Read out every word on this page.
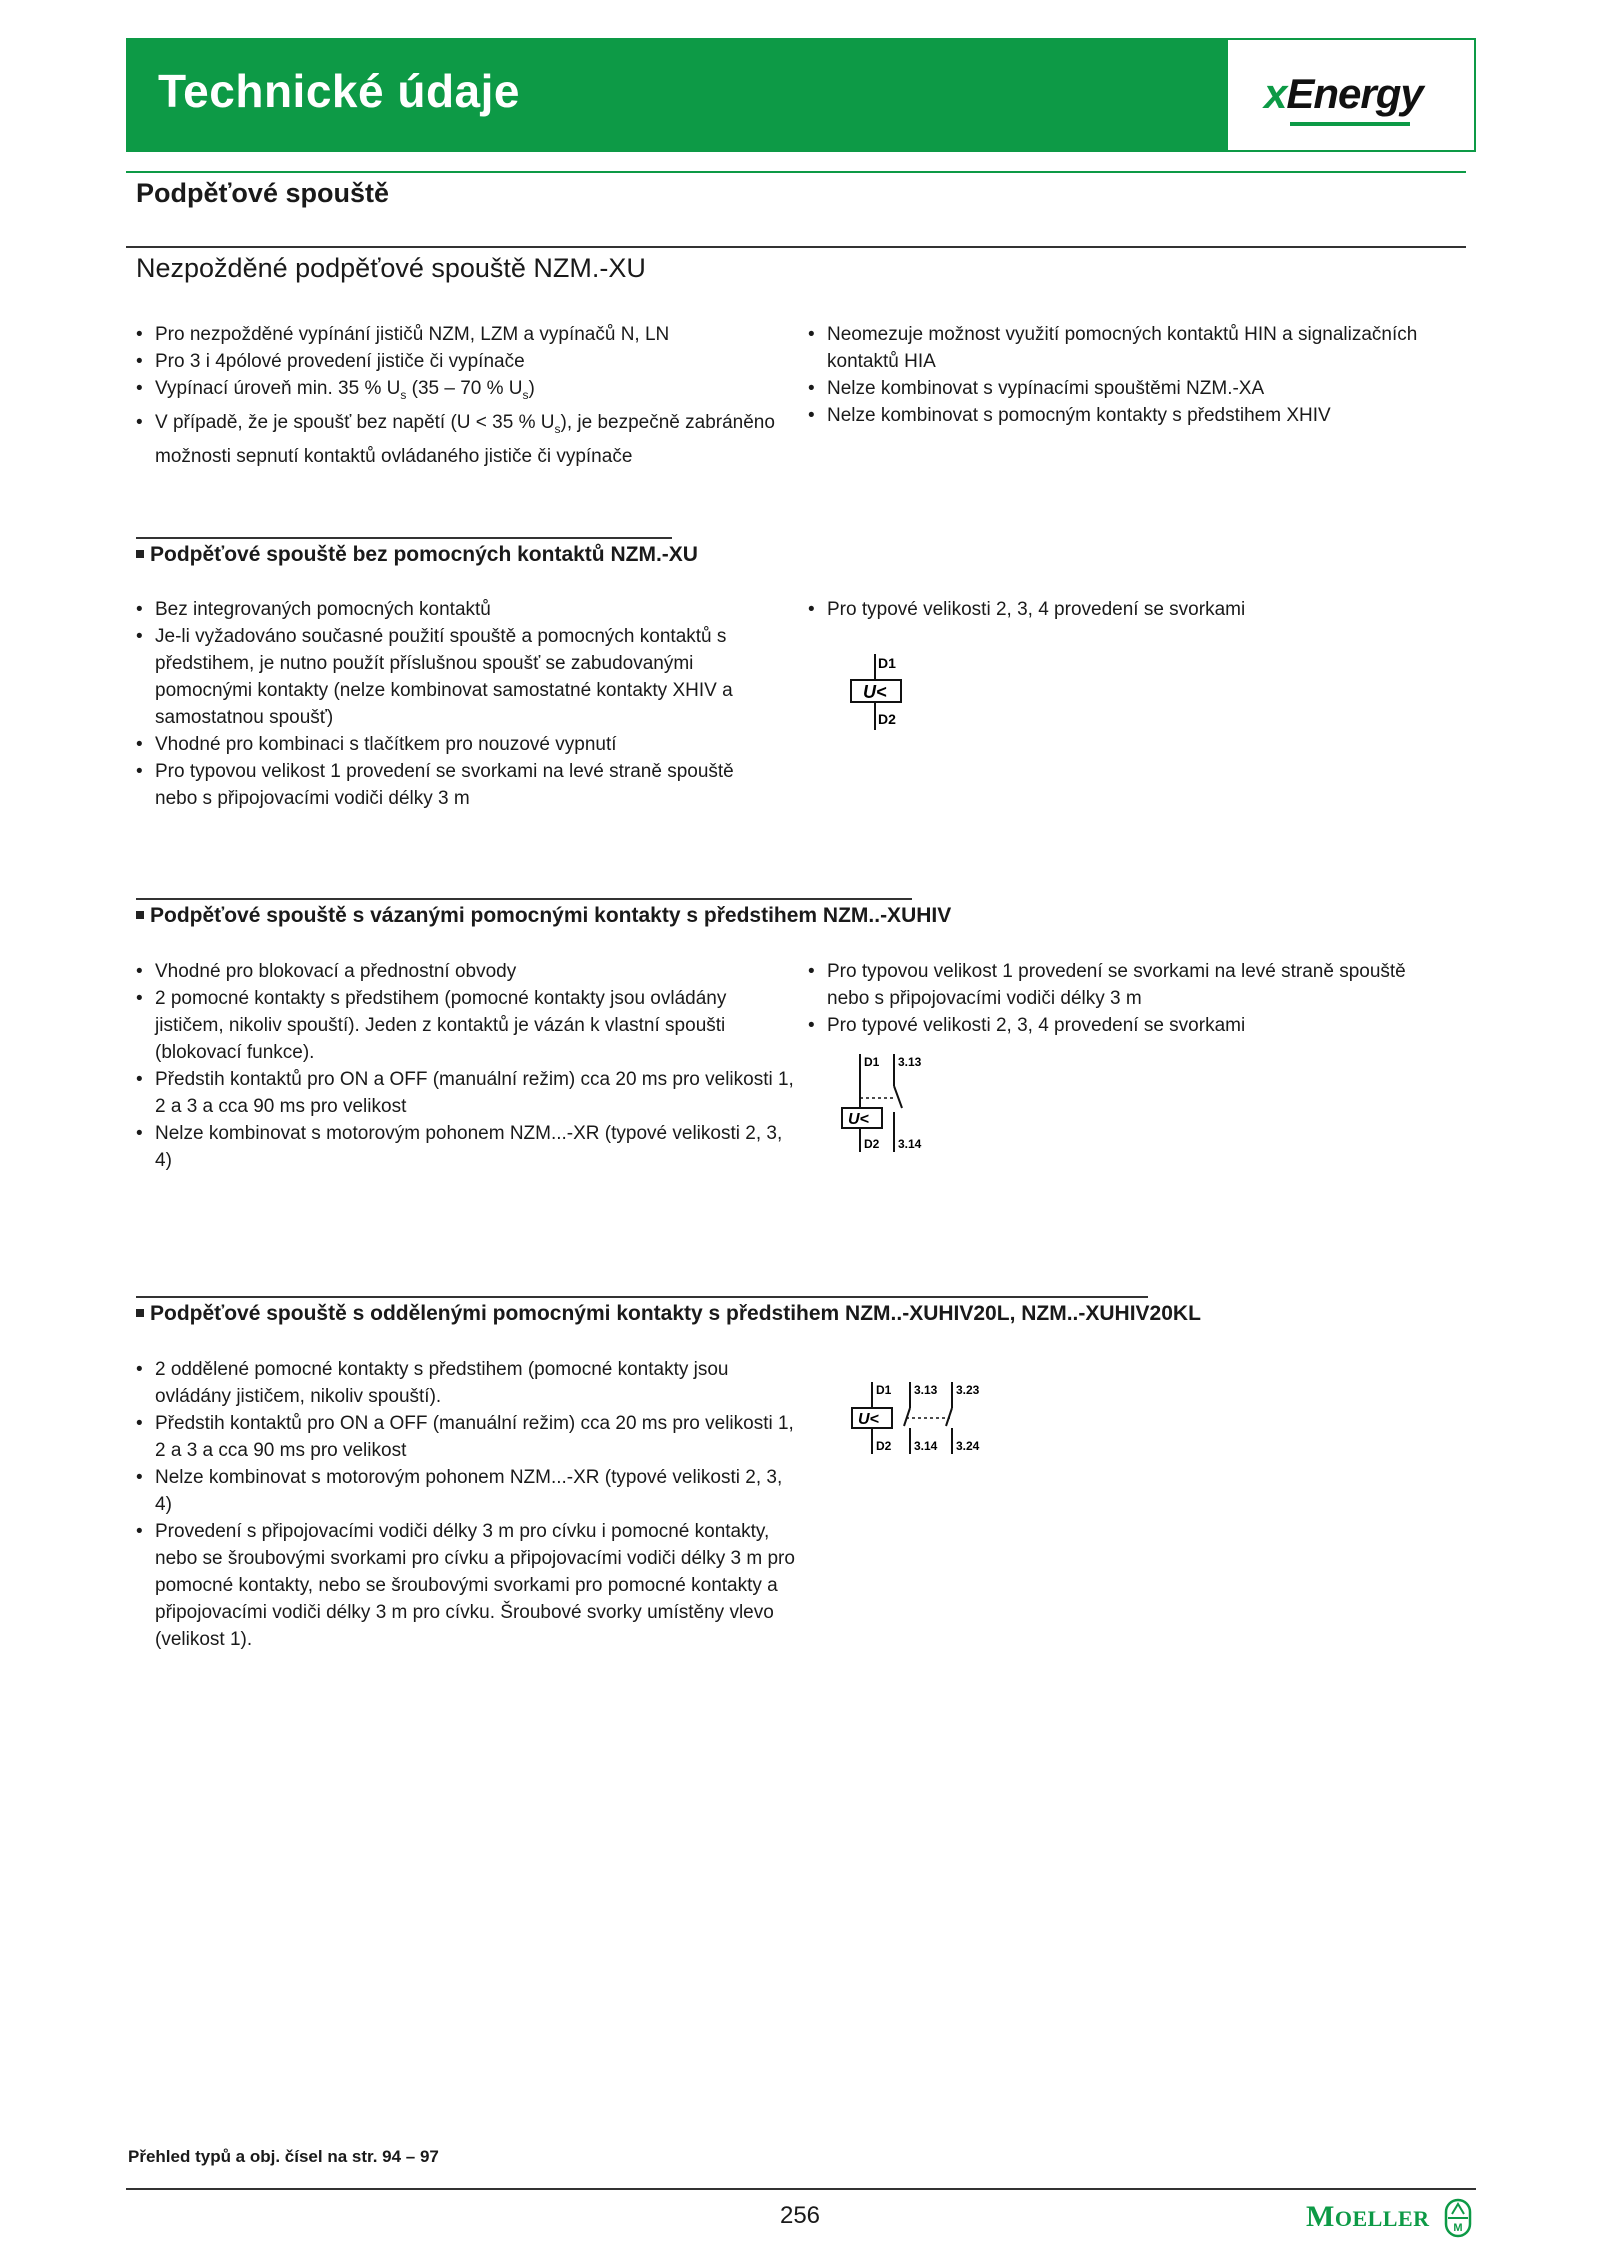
Technické údaje	xEnergy
Podpěťové spouště
Nezpožděné podpěťové spouště NZM.-XU
• Pro nezpožděné vypínání jističů NZM, LZM a vypínačů N, LN
• Pro 3 i 4pólové provedení jističe či vypínače
• Vypínací úroveň min. 35 % $U_s$ (35 – 70 % $U_s$)
• V případě, že je spoušť bez napětí (U < 35 % $U_s$), je bezpečně zabráněno možnosti sepnutí kontaktů ovládaného jističe či vypínače
• Neomezuje možnost využití pomocných kontaktů HIN a signalizačních kontaktů HIA
• Nelze kombinovat s vypínacími spouštěmi NZM.-XA
• Nelze kombinovat s pomocným kontakty s předstihem XHIV
Podpěťové spouště bez pomocných kontaktů NZM.-XU
• Bez integrovaných pomocných kontaktů
• Je-li vyžadováno současné použití spouště a pomocných kontaktů s předstihem, je nutno použít příslušnou spoušť se zabudovanými pomocnými kontakty (nelze kombinovat samostatné kontakty XHIV a samostatnou spoušť)
• Vhodné pro kombinaci s tlačítkem pro nouzové vypnutí
• Pro typovou velikost 1 provedení se svorkami na levé straně spouště nebo s připojovacími vodiči délky 3 m
• Pro typové velikosti 2, 3, 4 provedení se svorkami
D1
U<
D2
Podpěťové spouště s vázanými pomocnými kontakty s předstihem NZM..-XUHIV
• Vhodné pro blokovací a přednostní obvody
• 2 pomocné kontakty s předstihem (pomocné kontakty jsou ovládány jističem, nikoliv spouští). Jeden z kontaktů je vázán k vlastní spoušti (blokovací funkce).
• Předstih kontaktů pro ON a OFF (manuální režim) cca 20 ms pro velikosti 1, 2 a 3 a cca 90 ms pro velikost
• Nelze kombinovat s motorovým pohonem NZM...-XR (typové velikosti 2, 3, 4)
• Pro typovou velikost 1 provedení se svorkami na levé straně spouště nebo s připojovacími vodiči délky 3 m
• Pro typové velikosti 2, 3, 4 provedení se svorkami
D1 3.13
U<
D2 3.14
Podpěťové spouště s oddělenými pomocnými kontakty s předstihem NZM..-XUHIV20L, NZM..-XUHIV20KL
• 2 oddělené pomocné kontakty s předstihem (pomocné kontakty jsou ovládány jističem, nikoliv spouští).
• Předstih kontaktů pro ON a OFF (manuální režim) cca 20 ms pro velikosti 1, 2 a 3 a cca 90 ms pro velikost
• Nelze kombinovat s motorovým pohonem NZM...-XR (typové velikosti 2, 3, 4)
• Provedení s připojovacími vodiči délky 3 m pro cívku i pomocné kontakty, nebo se šroubovými svorkami pro cívku a připojovacími vodiči délky 3 m pro pomocné kontakty, nebo se šroubovými svorkami pro pomocné kontakty a připojovacími vodiči délky 3 m pro cívku. Šroubové svorky umístěny vlevo (velikost 1).
D1 3.13 3.23
U<
D2 3.14 3.24
Přehled typů a obj. čísel na str. 94 – 97
256	MOELLER M
